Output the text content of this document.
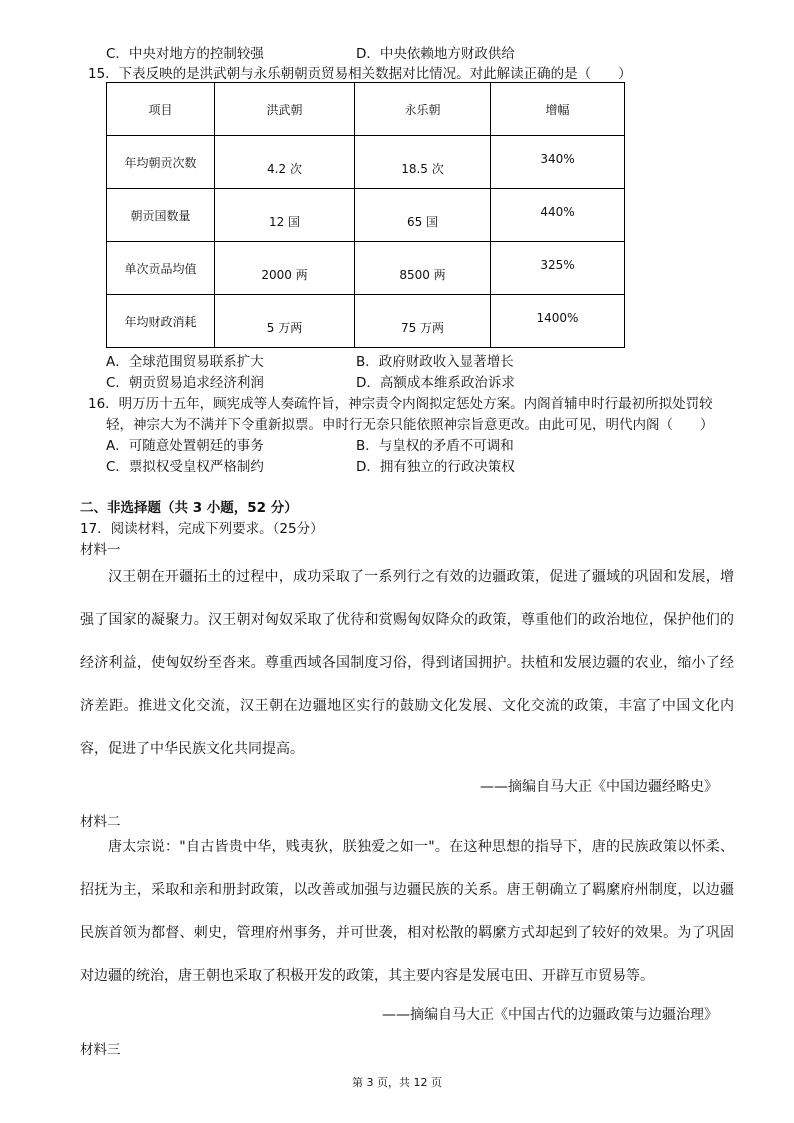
C．中央对地方的控制较强	D．中央依赖地方财政供给
15．下表反映的是洪武朝与永乐朝朝贡贸易相关数据对比情况。对此解读正确的是（　　）
项目	洪武朝	永乐朝	增幅
年均朝贡次数	4.2 次	18.5 次	340%
朝贡国数量	12 国	65 国	440%
单次贡品均值	2000 两	8500 两	325%
年均财政消耗	5 万两	75 万两	1400%
A．全球范围贸易联系扩大	B．政府财政收入显著增长
C．朝贡贸易追求经济利润	D．高额成本维系政治诉求
16．明万历十五年，顾宪成等人奏疏忤旨，神宗责令内阁拟定惩处方案。内阁首辅申时行最初所拟处罚较
轻，神宗大为不满并下令重新拟票。申时行无奈只能依照神宗旨意更改。由此可见，明代内阁（　　）
A．可随意处置朝廷的事务	B．与皇权的矛盾不可调和
C．票拟权受皇权严格制约	D．拥有独立的行政决策权
二、非选择题（共 3 小题，52 分）
17．阅读材料，完成下列要求。（25分）
材料一

汉王朝在开疆拓土的过程中，成功采取了一系列行之有效的边疆政策，促进了疆域的巩固和发展，增强了国家的凝聚力。汉王朝对匈奴采取了优待和赏赐匈奴降众的政策，尊重他们的政治地位，保护他们的经济利益，使匈奴纷至沓来。尊重西域各国制度习俗，得到诸国拥护。扶植和发展边疆的农业，缩小了经济差距。推进文化交流，汉王朝在边疆地区实行的鼓励文化发展、文化交流的政策，丰富了中国文化内容，促进了中华民族文化共同提高。

——摘编自马大正《中国边疆经略史》
材料二

唐太宗说："自古皆贵中华，贱夷狄，朕独爱之如一"。在这种思想的指导下，唐的民族政策以怀柔、招抚为主，采取和亲和册封政策，以改善或加强与边疆民族的关系。唐王朝确立了羁縻府州制度，以边疆民族首领为都督、刺史，管理府州事务，并可世袭，相对松散的羁縻方式却起到了较好的效果。为了巩固对边疆的统治，唐王朝也采取了积极开发的政策，其主要内容是发展屯田、开辟互市贸易等。

——摘编自马大正《中国古代的边疆政策与边疆治理》
材料三
第 3 页，共 12 页
